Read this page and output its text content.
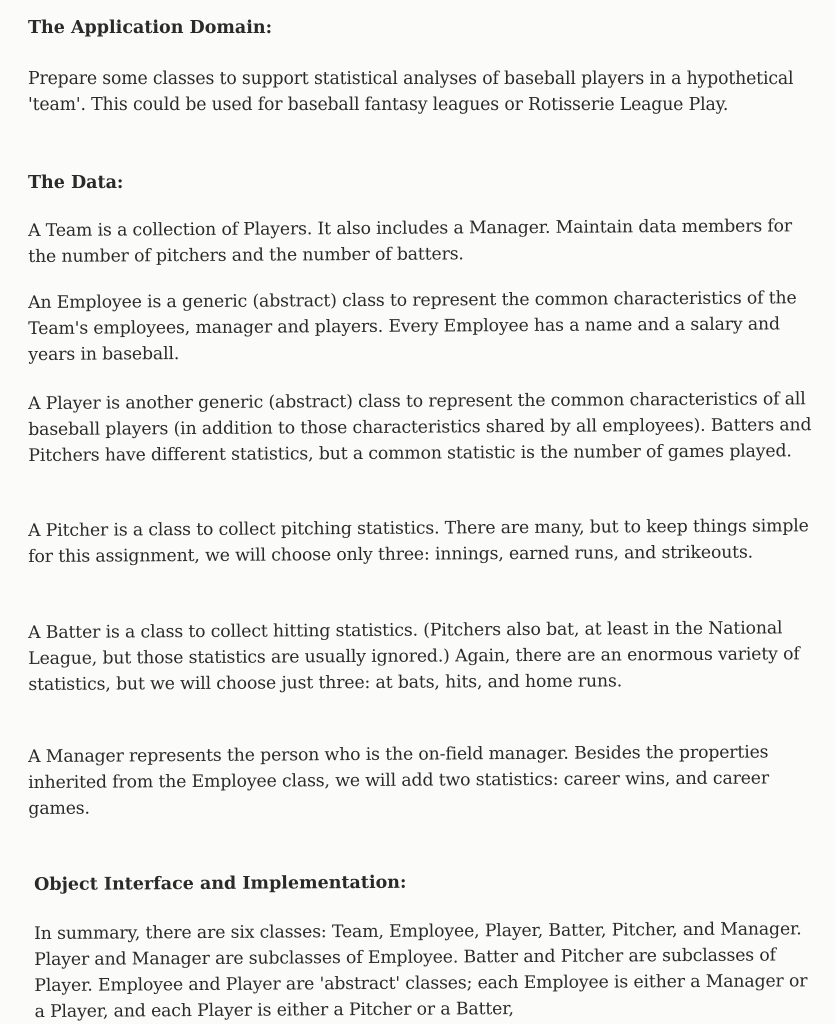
The Application Domain:

Prepare some classes to support statistical analyses of baseball players in a hypothetical 'team'. This could be used for baseball fantasy leagues or Rotisserie League Play.

The Data:

A Team is a collection of Players. It also includes a Manager. Maintain data members for the number of pitchers and the number of batters.

An Employee is a generic (abstract) class to represent the common characteristics of the Team's employees, manager and players. Every Employee has a name and a salary and years in baseball.

A Player is another generic (abstract) class to represent the common characteristics of all baseball players (in addition to those characteristics shared by all employees). Batters and Pitchers have different statistics, but a common statistic is the number of games played.

A Pitcher is a class to collect pitching statistics. There are many, but to keep things simple for this assignment, we will choose only three: innings, earned runs, and strikeouts.

A Batter is a class to collect hitting statistics. (Pitchers also bat, at least in the National League, but those statistics are usually ignored.) Again, there are an enormous variety of statistics, but we will choose just three: at bats, hits, and home runs.

A Manager represents the person who is the on-field manager. Besides the properties inherited from the Employee class, we will add two statistics: career wins, and career games.

Object Interface and Implementation:

In summary, there are six classes: Team, Employee, Player, Batter, Pitcher, and Manager. Player and Manager are subclasses of Employee. Batter and Pitcher are subclasses of Player. Employee and Player are 'abstract' classes; each Employee is either a Manager or a Player, and each Player is either a Pitcher or a Batter,
